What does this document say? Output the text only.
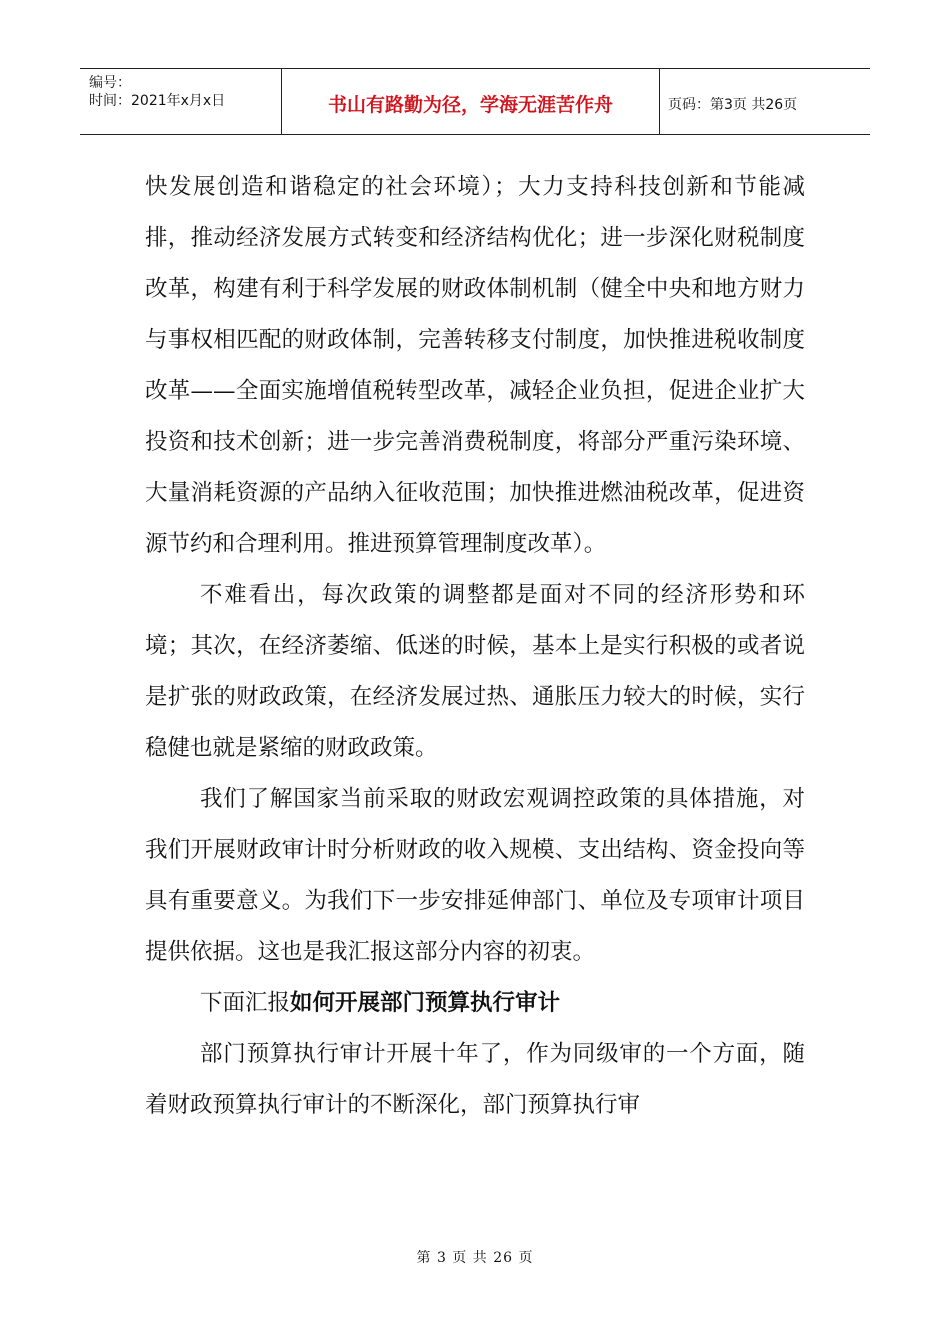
编号：
时间：2021年x月x日	书山有路勤为径，学海无涯苦作舟	页码：第3页 共26页

快发展创造和谐稳定的社会环境）；大力支持科技创新和节能减排，推动经济发展方式转变和经济结构优化；进一步深化财税制度改革，构建有利于科学发展的财政体制机制（健全中央和地方财力与事权相匹配的财政体制，完善转移支付制度，加快推进税收制度改革——全面实施增值税转型改革，减轻企业负担，促进企业扩大投资和技术创新；进一步完善消费税制度，将部分严重污染环境、大量消耗资源的产品纳入征收范围；加快推进燃油税改革，促进资源节约和合理利用。推进预算管理制度改革）。

不难看出，每次政策的调整都是面对不同的经济形势和环境；其次，在经济萎缩、低迷的时候，基本上是实行积极的或者说是扩张的财政政策，在经济发展过热、通胀压力较大的时候，实行稳健也就是紧缩的财政政策。

我们了解国家当前采取的财政宏观调控政策的具体措施，对我们开展财政审计时分析财政的收入规模、支出结构、资金投向等具有重要意义。为我们下一步安排延伸部门、单位及专项审计项目提供依据。这也是我汇报这部分内容的初衷。

下面汇报如何开展部门预算执行审计

部门预算执行审计开展十年了，作为同级审的一个方面，随着财政预算执行审计的不断深化，部门预算执行审

第 3 页 共 26 页
